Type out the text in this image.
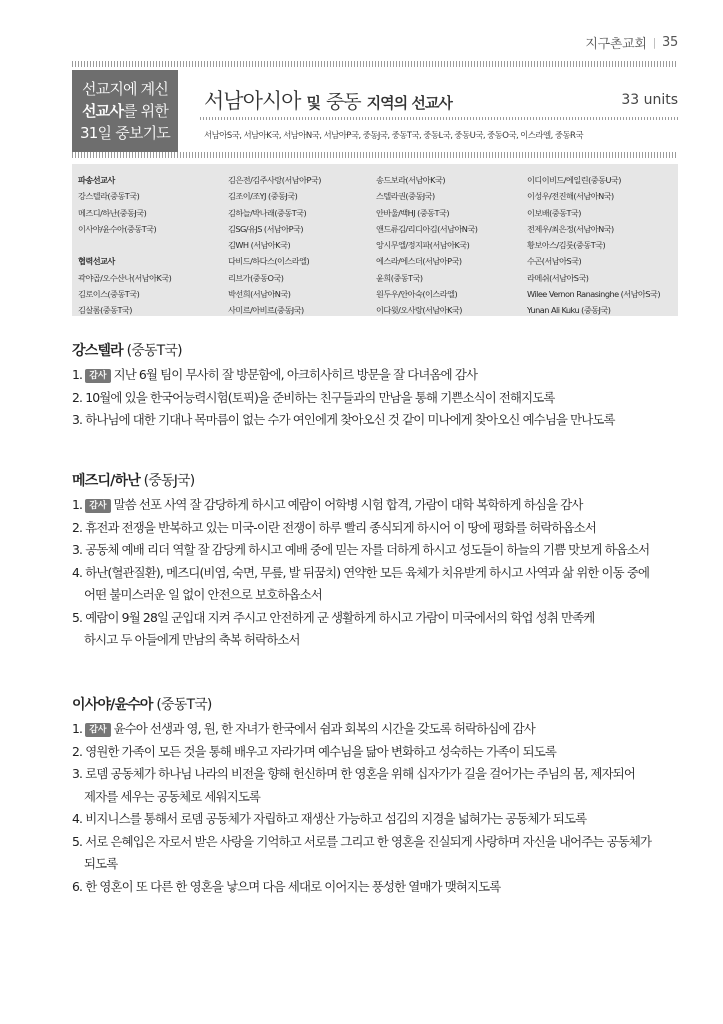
지구촌교회 | 35
선교지에 계신
선교사를 위한
31일 중보기도
서남아시아 및 중동 지역의 선교사	33 units
서남아S국, 서남아K국, 서남아N국, 서남아P국, 중동J국, 중동T국, 중동L국, 중동U국, 중동O국, 이스라엘, 중동R국
파송선교사
강스텔라(중동T국)
메즈디/하난(중동J국)
이사야/윤수아(중동T국)

협력선교사
곽야곱/오수산나(서남아K국)
김로이스(중동T국)
김살롬(중동T국)
김은전/김주사랑(서남아P국)
김조이/조YJ (중동J국)
김하늘/박나래(중동T국)
김SG/유JS (서남아P국)
김WH (서남아K국)
다비드/하다스(이스라엘)
리브가(중동O국)
박선희(서남아N국)
사미르/아비르(중동J국)
송드보라(서남아K국)
스텔라권(중동J국)
안바울/백HJ (중동T국)
앤드류김/리디아김(서남아N국)
앙시무엘/정지파(서남아K국)
에스라/에스더(서남아P국)
윤희(중동T국)
원두우/안아숙(이스라엘)
이다윗/오사랑(서남아K국)
이디이비드/에일린(중동U국)
이성우/전진해(서남아N국)
이보배(중동T국)
전제우/최은정(서남아N국)
황보아스/김룻(중동T국)
수곤(서남아S국)
라메쉬(서남아S국)
Wilee Vernon Ranasinghe (서남아S국)
Yunan Ali Kuku (중동J국)
강스텔라 (중동T국)
1. 감사 지난 6월 팀이 무사히 잘 방문함에, 아크히사히르 방문을 잘 다녀옴에 감사
2. 10월에 있을 한국어능력시험(토픽)을 준비하는 친구들과의 만남을 통해 기쁜소식이 전해지도록
3. 하나님에 대한 기대나 목마름이 없는 수가 여인에게 찾아오신 것 같이 미나에게 찾아오신 예수님을 만나도록
메즈디/하난 (중동J국)
1. 감사 말씀 선포 사역 잘 감당하게 하시고 예람이 어학병 시험 합격, 가람이 대학 복학하게 하심을 감사
2. 휴전과 전쟁을 반복하고 있는 미국-이란 전쟁이 하루 빨리 종식되게 하시어 이 땅에 평화를 허락하옵소서
3. 공동체 예배 리더 역할 잘 감당케 하시고 예배 중에 믿는 자를 더하게 하시고 성도들이 하늘의 기쁨 맛보게 하옵소서
4. 하난(혈관질환), 메즈디(비염, 숙면, 무릎, 발 뒤꿈치) 연약한 모든 육체가 치유받게 하시고 사역과 삶 위한 이동 중에
어떤 불미스러운 일 없이 안전으로 보호하옵소서
5. 예람이 9월 28일 군입대 지켜 주시고 안전하게 군 생활하게 하시고 가람이 미국에서의 학업 성취 만족케
하시고 두 아들에게 만남의 축복 허락하소서
이사야/윤수아 (중동T국)
1. 감사 윤수아 선생과 영, 원, 한 자녀가 한국에서 쉼과 회복의 시간을 갖도록 허락하심에 감사
2. 영원한 가족이 모든 것을 통해 배우고 자라가며 예수님을 닮아 변화하고 성숙하는 가족이 되도록
3. 로뎀 공동체가 하나님 나라의 비전을 향해 헌신하며 한 영혼을 위해 십자가가 길을 걸어가는 주님의 몸, 제자되어
제자를 세우는 공동체로 세워지도록
4. 비지니스를 통해서 로뎀 공동체가 자립하고 재생산 가능하고 섬김의 지경을 넓혀가는 공동체가 되도록
5. 서로 은혜입은 자로서 받은 사랑을 기억하고 서로를 그리고 한 영혼을 진실되게 사랑하며 자신을 내어주는 공동체가
되도록
6. 한 영혼이 또 다른 한 영혼을 낳으며 다음 세대로 이어지는 풍성한 열매가 맺혀지도록
